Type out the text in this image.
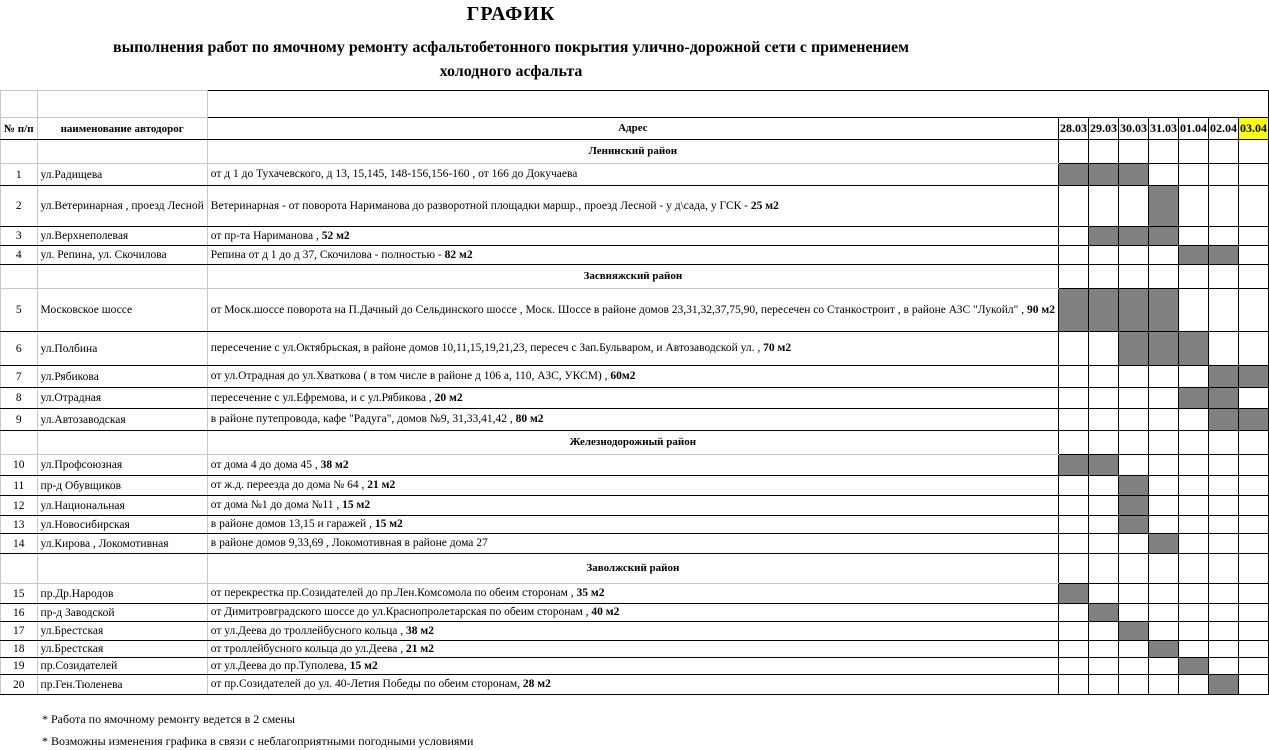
ГРАФИК
выполнения работ по ямочному ремонту асфальтобетонного покрытия улично-дорожной сети с применением
холодного асфальта

№ п/п	наименование автодорог	Адрес	28.03	29.03	30.03	31.03	01.04	02.04	03.04
		Ленинский район							
1	ул.Радищева	от д 1 до Тухачевского, д 13, 15,145, 148-156,156-160 , от 166 до Докучаева							
2	ул.Ветеринарная , проезд Лесной	Ветеринарная - от поворота Нариманова до разворотной площадки маршр., проезд Лесной - у д\сада, у ГСК - 25 м2							
3	ул.Верхнеполевая	от пр-та Нариманова , 52 м2							
4	ул. Репина, ул. Скочилова	Репина от д 1 до д 37, Скочилова - полностью - 82 м2							
		Засвияжский район							
5	Московское шоссе	от Моск.шоссе поворота на П.Дачный до Сельдинского шоссе , Моск. Шоссе в районе домов 23,31,32,37,75,90, пересечен со Станкостроит , в районе АЗС "Лукойл" , 90 м2							
6	ул.Полбина	пересечение с ул.Октябрьская, в районе домов 10,11,15,19,21,23, пересеч с Зап.Бульваром, и Автозаводской ул. , 70 м2							
7	ул.Рябикова	от ул.Отрадная до ул.Хваткова ( в том числе в районе д 106 а, 110, АЗС, УКСМ) , 60м2							
8	ул.Отрадная	пересечение с ул.Ефремова, и с ул.Рябикова , 20 м2							
9	ул.Автозаводская	в районе путепровода, кафе "Радуга", домов №9, 31,33,41,42 , 80 м2							
		Железнодорожный район							
10	ул.Профсоюзная	от дома 4 до дома 45 , 38 м2							
11	пр-д Обувщиков	от ж.д. переезда до дома № 64 , 21 м2							
12	ул.Национальная	от дома №1 до дома №11 , 15 м2							
13	ул.Новосибирская	в районе домов 13,15 и гаражей , 15 м2							
14	ул.Кирова , Локомотивная	в районе домов 9,33,69 , Локомотивная в районе дома 27							
		Заволжский район							
15	пр.Др.Народов	от перекрестка пр.Созидателей до пр.Лен.Комсомола по обеим сторонам , 35 м2							
16	пр-д Заводской	от Димитровградского шоссе до ул.Краснопролетарская по обеим сторонам , 40 м2							
17	ул.Брестская	от ул.Деева до троллейбусного кольца , 38 м2							
18	ул.Брестская	от троллейбусного кольца до ул.Деева , 21 м2							
19	пр.Созидателей	от ул.Деева до пр.Туполева, 15 м2							
20	пр.Ген.Тюленева	от пр.Созидателей до ул. 40-Летия Победы по обеим сторонам, 28 м2							
* Работа по ямочному ремонту ведется в 2 смены
* Возможны изменения графика в связи с неблагоприятными погодными условиями
